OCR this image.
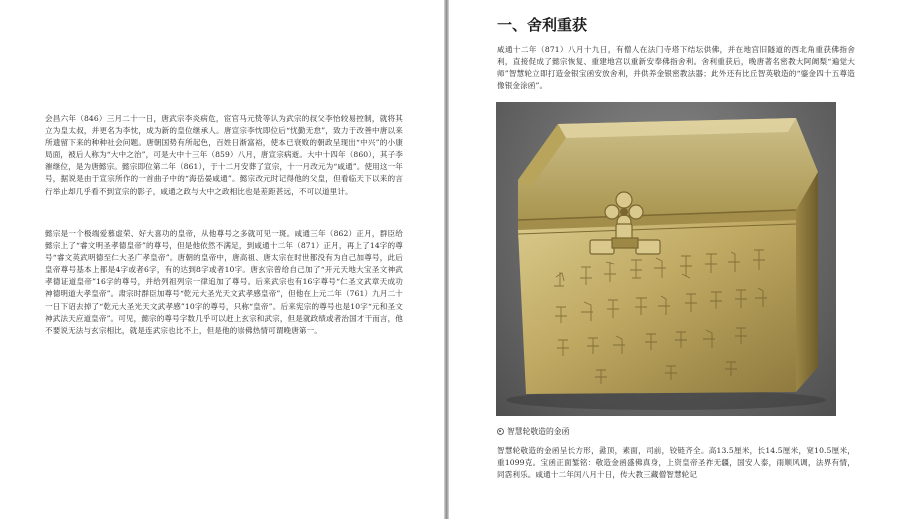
会昌六年（846）三月二十一日，唐武宗李炎病危，宦官马元贽等认为武宗的叔父李怡较易控制，就将其立为皇太叔，并更名为李忱，成为新的皇位继承人。唐宣宗李忱即位后“忧勤无怠”，致力于改善中唐以来所遗留下来的种种社会问题。唐朝国势有所起色，百姓日渐富裕，使本已衰败的朝政呈现出“中兴”的小康局面，被后人称为“大中之治”，可是大中十三年（859）八月，唐宣宗病逝。大中十四年（860），其子李漼继位，是为唐懿宗。懿宗即位第二年（861），于十二月安葬了宣宗，十一月改元为“咸通”。使用这一年号，据说是由于宣宗所作的一首曲子中的“海岳晏咸通”。懿宗改元时记得他的父皇，但看临天下以来的言行举止却几乎看不到宣宗的影子，咸通之政与大中之政相比也是差距甚远，不可以道里计。

懿宗是一个极端爱慕虚荣、好大喜功的皇帝，从他尊号之多就可见一斑。咸通三年（862）正月，群臣给懿宗上了“睿文明圣孝德皇帝”的尊号，但是他依然不满足，到咸通十二年（871）正月，再上了14字的尊号“睿文英武明德至仁大圣广孝皇帝”。唐朝的皇帝中，唐高祖、唐太宗在时世都没有为自己加尊号，此后皇帝尊号基本上都是4字或者6字，有的达到8字或者10字。唐玄宗曾给自己加了“开元天地大宝圣文神武孝德证道皇帝”16字的尊号，并给列祖列宗一律追加了尊号。后来武宗也有16字尊号“仁圣文武章天成功神德明道大孝皇帝”。肃宗时群臣加尊号“乾元大圣光天文武孝感皇帝”，但他在上元二年（761）九月二十一日下诏去掉了“乾元大圣光天文武孝感”10字的尊号，只称“皇帝”。后来宪宗的尊号也是10字“元和圣文神武法天应道皇帝”。可见，懿宗的尊号字数几乎可以赶上玄宗和武宗，但是就政绩或者治国才干而言，他不要说无法与玄宗相比，就是连武宗也比不上，但是他的崇佛热情可谓晚唐第一。

一、舍利重获

咸通十二年（871）八月十九日，有僧人在法门寺塔下结坛供佛，并在地宫旧隧道的西北角重获佛指舍利，直接促成了懿宗恢复、重建地宫以重新安奉佛指舍利。舍利重获后，晚唐著名密教大阿阇梨“遍觉大师”智慧轮立即打造金银宝函安放舍利，并供养金银密教法器；此外还有比丘智英敬造的“鎏金四十五尊造像银金涂函”。

智慧轮敬造的金函

智慧轮敬造的金函呈长方形，盝顶，素面，司前，铰链齐全。高13.5厘米，长14.5厘米，宽10.5厘米，重1099克。宝函正面錾铭：敬造金函盛佛真身，上资皇帝圣祚无疆，国安人泰，雨顺风调，法界有情，同霑利乐。咸通十二年闰八月十日，传大教三藏僧智慧轮记
